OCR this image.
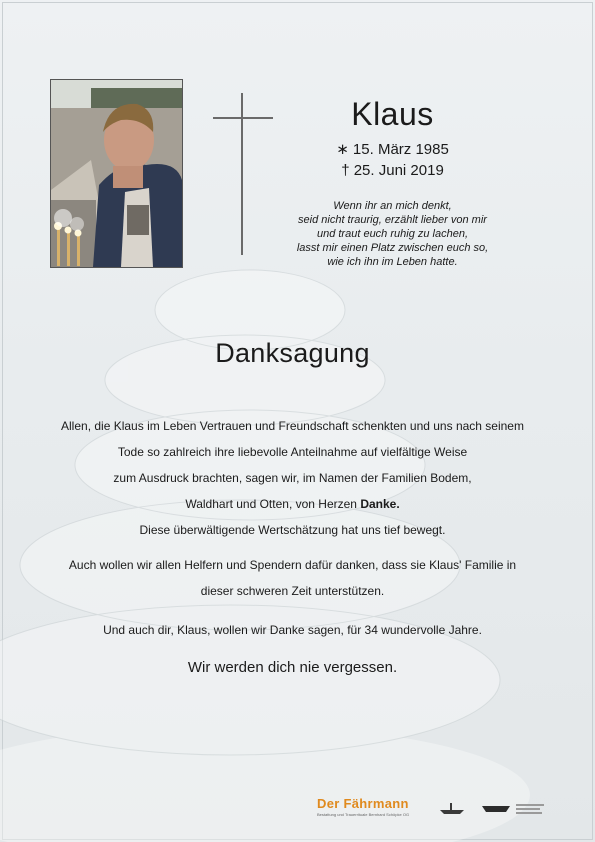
Klaus
∗ 15. März 1985
† 25. Juni 2019
Wenn ihr an mich denkt,
seid nicht traurig, erzählt lieber von mir
und traut euch ruhig zu lachen,
lasst mir einen Platz zwischen euch so,
wie ich ihn im Leben hatte.
Danksagung
Allen, die Klaus im Leben Vertrauen und Freundschaft schenkten und uns nach seinem
Tode so zahlreich ihre liebevolle Anteilnahme auf vielfältige Weise
zum Ausdruck brachten, sagen wir, im Namen der Familien Bodem,
Waldhart und Otten, von Herzen Danke.
Diese überwältigende Wertschätzung hat uns tief bewegt.
Auch wollen wir allen Helfern und Spendern dafür danken, dass sie Klaus' Familie in
dieser schweren Zeit unterstützen.
Und auch dir, Klaus, wollen wir Danke sagen, für 34 wundervolle Jahre.
Wir werden dich nie vergessen.
Der Fährmann
Bestattung und Trauerrituale Bernhard Schöpke OG
